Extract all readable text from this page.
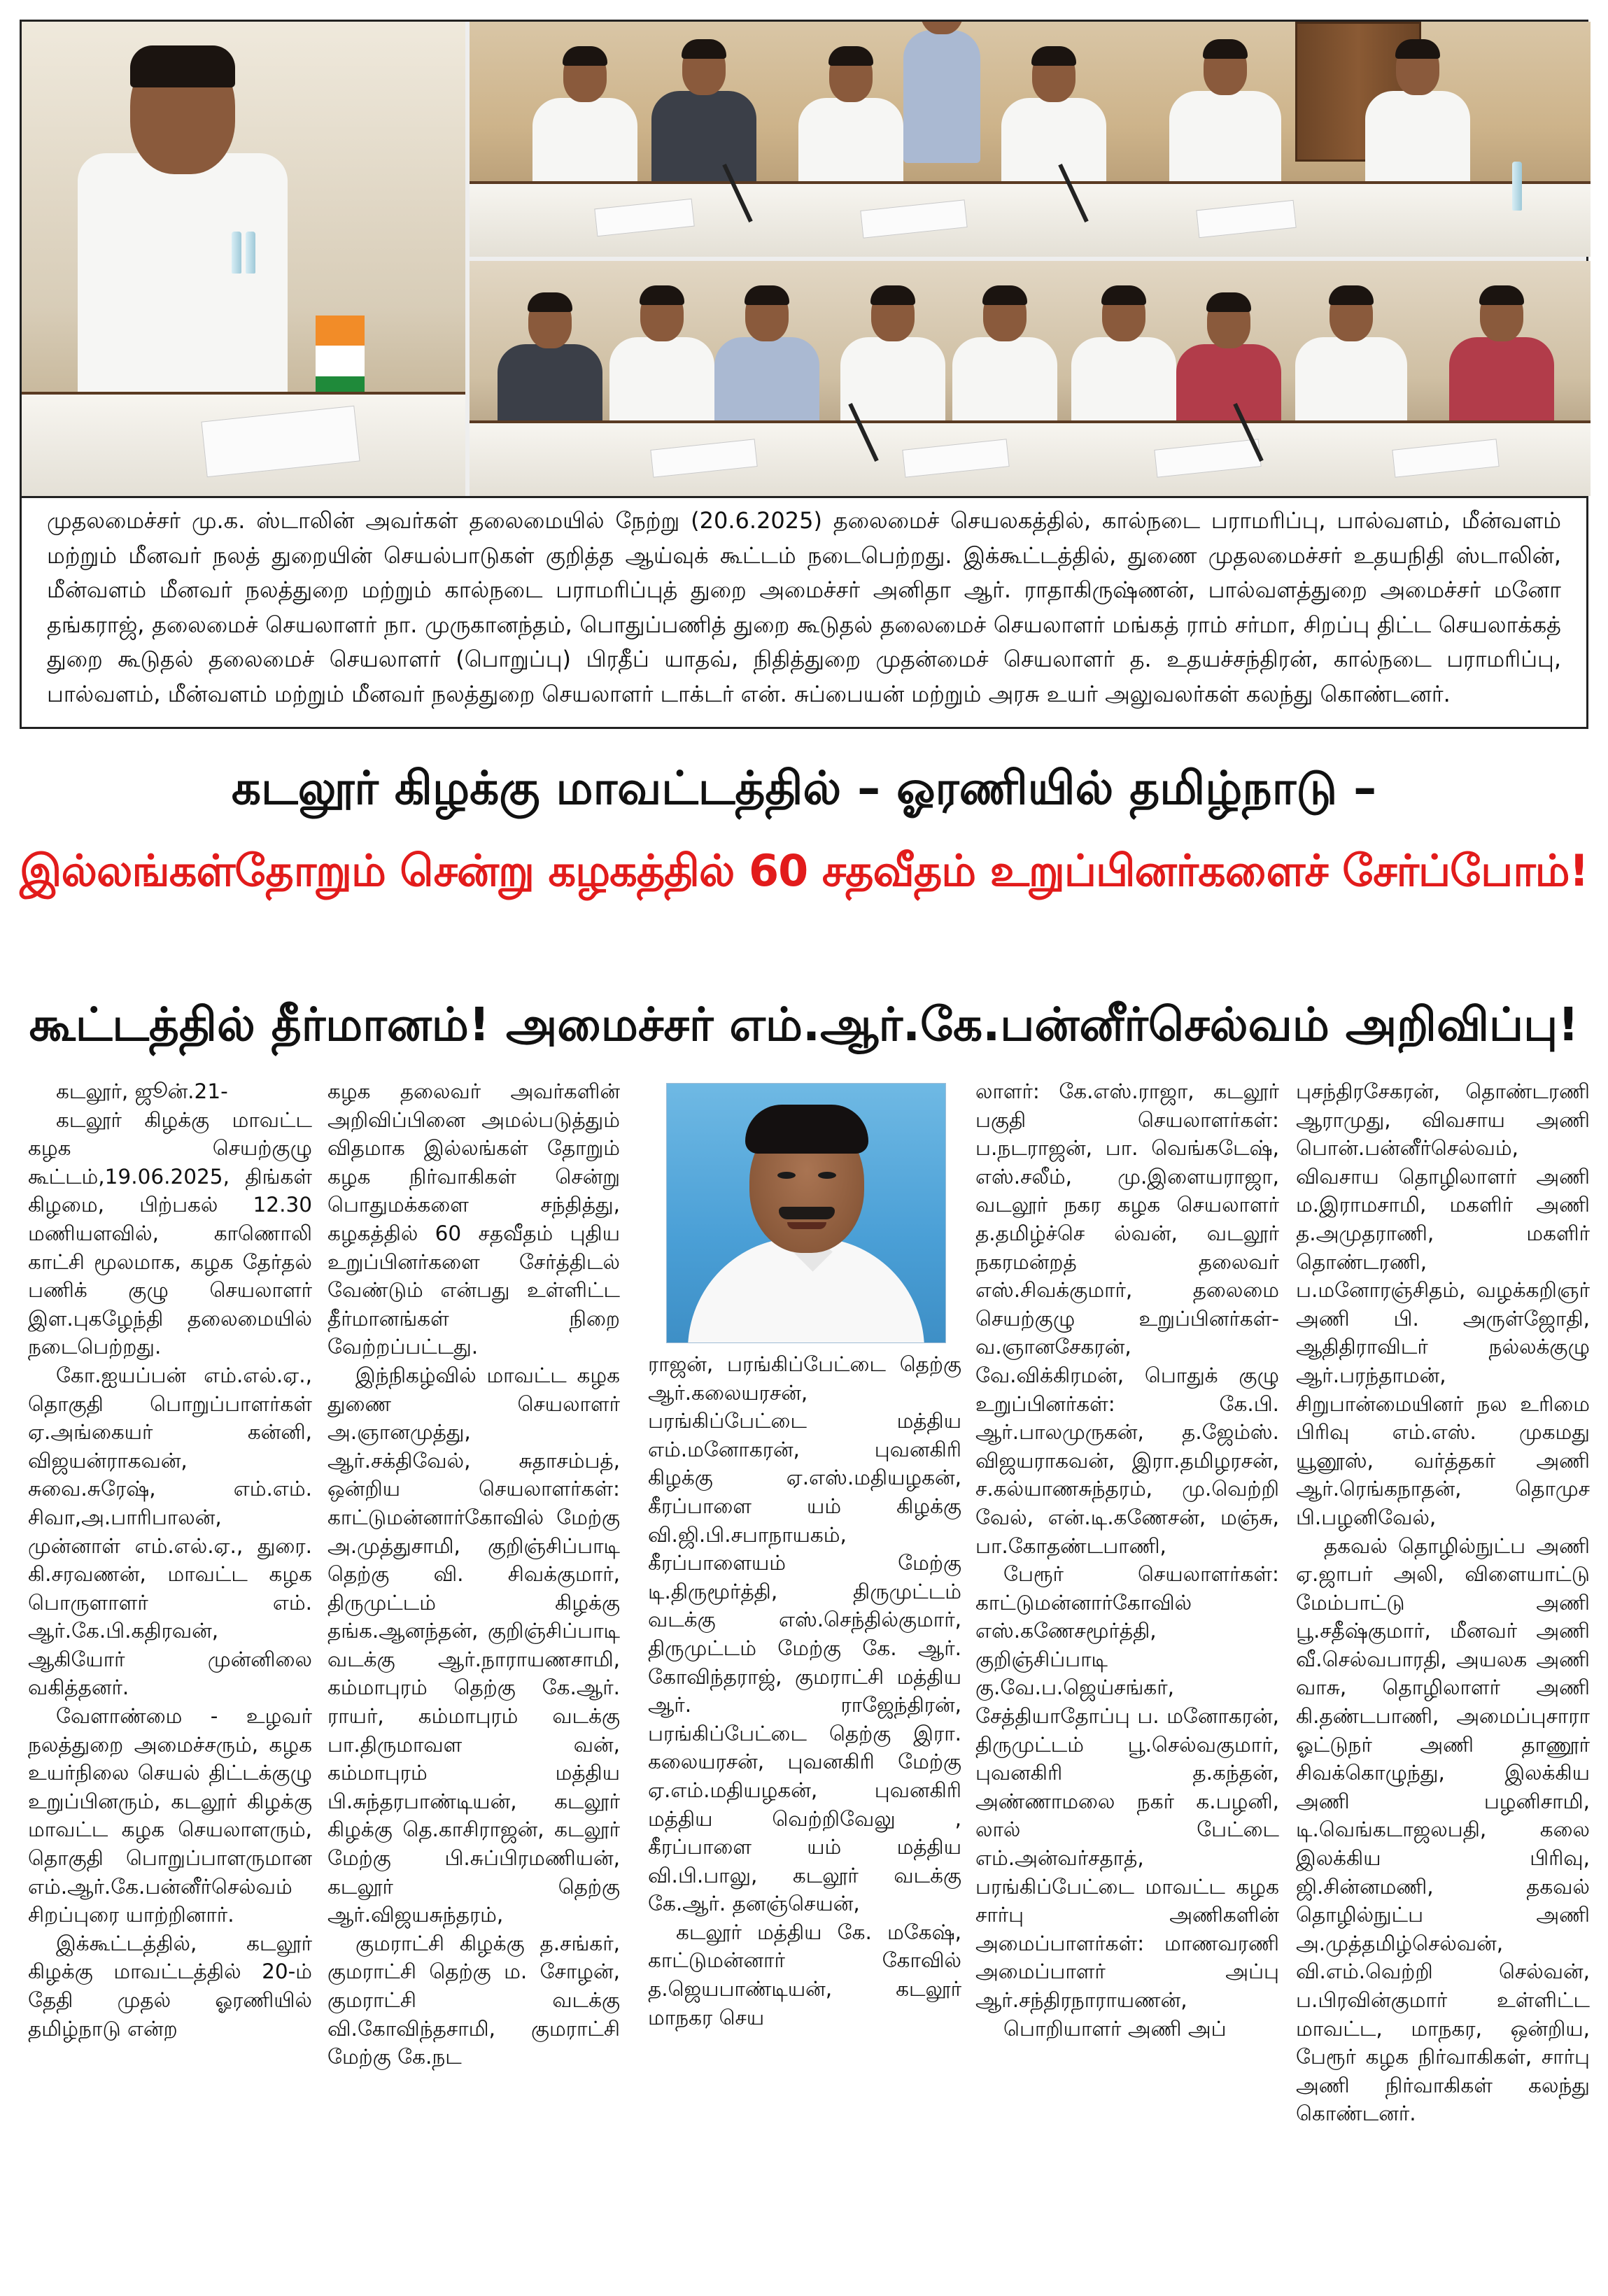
முதலமைச்சர் மு.க. ஸ்டாலின் அவர்கள் தலைமையில் நேற்று (20.6.2025) தலைமைச் செயலகத்தில், கால்நடை பராமரிப்பு, பால்வளம், மீன்வளம் மற்றும் மீனவர் நலத் துறையின் செயல்பாடுகள் குறித்த ஆய்வுக் கூட்டம் நடைபெற்றது. இக்கூட்டத்தில், துணை முதலமைச்சர் உதயநிதி ஸ்டாலின், மீன்வளம் மீனவர் நலத்துறை மற்றும் கால்நடை பராமரிப்புத் துறை அமைச்சர் அனிதா ஆர். ராதாகிருஷ்ணன், பால்வளத்துறை அமைச்சர் மனோ தங்கராஜ், தலைமைச் செயலாளர் நா. முருகானந்தம், பொதுப்பணித் துறை கூடுதல் தலைமைச் செயலாளர் மங்கத் ராம் சர்மா, சிறப்பு திட்ட செயலாக்கத் துறை கூடுதல் தலைமைச் செயலாளர் (பொறுப்பு) பிரதீப் யாதவ், நிதித்துறை முதன்மைச் செயலாளர் த. உதயச்சந்திரன், கால்நடை பராமரிப்பு, பால்வளம், மீன்வளம் மற்றும் மீனவர் நலத்துறை செயலாளர் டாக்டர் என். சுப்பையன் மற்றும் அரசு உயர் அலுவலர்கள் கலந்து கொண்டனர்.

கடலூர் கிழக்கு மாவட்டத்தில் – ஓரணியில் தமிழ்நாடு –
இல்லங்கள்தோறும் சென்று கழகத்தில் 60 சதவீதம் உறுப்பினர்களைச் சேர்ப்போம்!
கூட்டத்தில் தீர்மானம்! அமைச்சர் எம்.ஆர்.கே.பன்னீர்செல்வம் அறிவிப்பு!

கடலூர், ஜூன்.21-

கடலூர் கிழக்கு மாவட்ட கழக செயற்குழு கூட்டம்,19.06.2025, திங்கள் கிழமை, பிற்பகல் 12.30 மணியளவில், காணொலி காட்சி மூலமாக, கழக தேர்தல் பணிக் குழு செயலாளர் இள.புகழேந்தி தலைமையில் நடைபெற்றது.

கோ.ஐயப்பன் எம்.எல்.ஏ., தொகுதி பொறுப்பாளர்கள் ஏ.அங்கையர் கன்னி, விஜயன்ராகவன், சுவை.சுரேஷ், எம்.எம். சிவா,அ.பாரிபாலன், முன்னாள் எம்.எல்.ஏ., துரை. கி.சரவணன், மாவட்ட கழக பொருளாளர் எம். ஆர்.கே.பி.கதிரவன், ஆகியோர் முன்னிலை வகித்தனர்.

வேளாண்மை - உழவர் நலத்துறை அமைச்சரும், கழக உயர்நிலை செயல் திட்டக்குழு உறுப்பினரும், கடலூர் கிழக்கு மாவட்ட கழக செயலாளரும், தொகுதி பொறுப்பாளருமான எம்.ஆர்.கே.பன்னீர்செல்வம் சிறப்புரை யாற்றினார்.

இக்கூட்டத்தில், கடலூர் கிழக்கு மாவட்டத்தில் 20-ம் தேதி முதல் ஓரணியில் தமிழ்நாடு என்ற

கழக தலைவர் அவர்களின் அறிவிப்பினை அமல்படுத்தும் விதமாக இல்லங்கள் தோறும் கழக நிர்வாகிகள் சென்று பொதுமக்களை சந்தித்து, கழகத்தில் 60 சதவீதம் புதிய உறுப்பினர்களை சேர்த்திடல் வேண்டும் என்பது உள்ளிட்ட தீர்மானங்கள் நிறை வேற்றப்பட்டது.

இந்நிகழ்வில் மாவட்ட கழக துணை செயலாளர் அ.ஞானமுத்து, ஆர்.சக்திவேல், சுதாசம்பத், ஒன்றிய செயலாளர்கள்: காட்டுமன்னார்கோவில் மேற்கு அ.முத்துசாமி, குறிஞ்சிப்பாடி தெற்கு வி. சிவக்குமார், திருமுட்டம் கிழக்கு தங்க.ஆனந்தன், குறிஞ்சிப்பாடி வடக்கு ஆர்.நாராயணசாமி, கம்மாபுரம் தெற்கு கே.ஆர். ராயர், கம்மாபுரம் வடக்கு பா.திருமாவள வன், கம்மாபுரம் மத்திய பி.சுந்தரபாண்டியன், கடலூர் கிழக்கு தெ.காசிராஜன், கடலூர் மேற்கு பி.சுப்பிரமணியன், கடலூர் தெற்கு ஆர்.விஜயசுந்தரம்,

குமராட்சி கிழக்கு த.சங்கர், குமராட்சி தெற்கு ம. சோழன், குமராட்சி வடக்கு வி.கோவிந்தசாமி, குமராட்சி மேற்கு கே.நட

ராஜன், பரங்கிப்பேட்டை தெற்கு ஆர்.கலையரசன், பரங்கிப்பேட்டை மத்திய எம்.மனோகரன், புவனகிரி கிழக்கு ஏ.எஸ்.மதியழகன், கீரப்பாளை யம் கிழக்கு வி.ஜி.பி.சபாநாயகம், கீரப்பாளையம் மேற்கு டி.திருமூர்த்தி, திருமுட்டம் வடக்கு எஸ்.செந்தில்குமார், திருமுட்டம் மேற்கு கே. ஆர். கோவிந்தராஜ், குமராட்சி மத்திய ஆர். ராஜேந்திரன், பரங்கிப்பேட்டை தெற்கு இரா. கலையரசன், புவனகிரி மேற்கு ஏ.எம்.மதியழகன், புவனகிரி மத்திய வெற்றிவேலு , கீரப்பாளை யம் மத்திய வி.பி.பாலு, கடலூர் வடக்கு கே.ஆர். தனஞ்செயன்,

கடலூர் மத்திய கே. மகேஷ், காட்டுமன்னார் கோவில் த.ஜெயபாண்டியன், கடலூர் மாநகர செய

லாளர்: கே.எஸ்.ராஜா, கடலூர் பகுதி செயலாளர்கள்: ப.நடராஜன், பா. வெங்கடேஷ், எஸ்.சலீம், மு.இளையராஜா, வடலூர் நகர கழக செயலாளர் த.தமிழ்ச்செ ல்வன், வடலூர் நகரமன்றத் தலைவர் எஸ்.சிவக்குமார், தலைமை செயற்குழு உறுப்பினர்கள்- வ.ஞானசேகரன், வே.விக்கிரமன், பொதுக் குழு உறுப்பினர்கள்: கே.பி. ஆர்.பாலமுருகன், த.ஜேம்ஸ். விஜயராகவன், இரா.தமிழரசன், ச.கல்யாணசுந்தரம், மு.வெற்றி வேல், என்.டி.கணேசன், மஞ்சு, பா.கோதண்டபாணி,

பேரூர் செயலாளர்கள்: காட்டுமன்னார்கோவில் எஸ்.கணேசமூர்த்தி, குறிஞ்சிப்பாடி கு.வே.ப.ஜெய்சங்கர், சேத்தியாதோப்பு ப. மனோகரன், திருமுட்டம் பூ.செல்வகுமார், புவனகிரி த.கந்தன், அண்ணாமலை நகர் க.பழனி, லால் பேட்டை எம்.அன்வர்சதாத், பரங்கிப்பேட்டை மாவட்ட கழக சார்பு அணிகளின் அமைப்பாளர்கள்: மாணவரணி அமைப்பாளர் அப்பு ஆர்.சந்திரநாராயணன்,

பொறியாளர் அணி அப்

புசந்திரசேகரன், தொண்டரணி ஆராமுது, விவசாய அணி பொன்.பன்னீர்செல்வம், விவசாய தொழிலாளர் அணி ம.இராமசாமி, மகளிர் அணி த.அமுதராணி, மகளிர் தொண்டரணி, ப.மனோரஞ்சிதம், வழக்கறிஞர் அணி பி. அருள்ஜோதி, ஆதிதிராவிடர் நல்லக்குழு ஆர்.பரந்தாமன், சிறுபான்மையினர் நல உரிமை பிரிவு எம்.எஸ். முகமது யூனூஸ், வர்த்தகர் அணி ஆர்.ரெங்கநாதன், தொமுச பி.பழனிவேல்,

தகவல் தொழில்நுட்ப அணி ஏ.ஜாபர் அலி, விளையாட்டு மேம்பாட்டு அணி பூ.சதீஷ்குமார், மீனவர் அணி வீ.செல்வபாரதி, அயலக அணி வாசு, தொழிலாளர் அணி கி.தண்டபாணி, அமைப்புசாரா ஓட்டுநர் அணி தாணூர் சிவக்கொழுந்து, இலக்கிய அணி பழனிசாமி, டி.வெங்கடாஜலபதி, கலை இலக்கிய பிரிவு, ஜி.சின்னமணி, தகவல் தொழில்நுட்ப அணி அ.முத்தமிழ்செல்வன், வி.எம்.வெற்றி செல்வன், ப.பிரவின்குமார் உள்ளிட்ட மாவட்ட, மாநகர, ஒன்றிய, பேரூர் கழக நிர்வாகிகள், சார்பு அணி நிர்வாகிகள் கலந்து கொண்டனர்.
